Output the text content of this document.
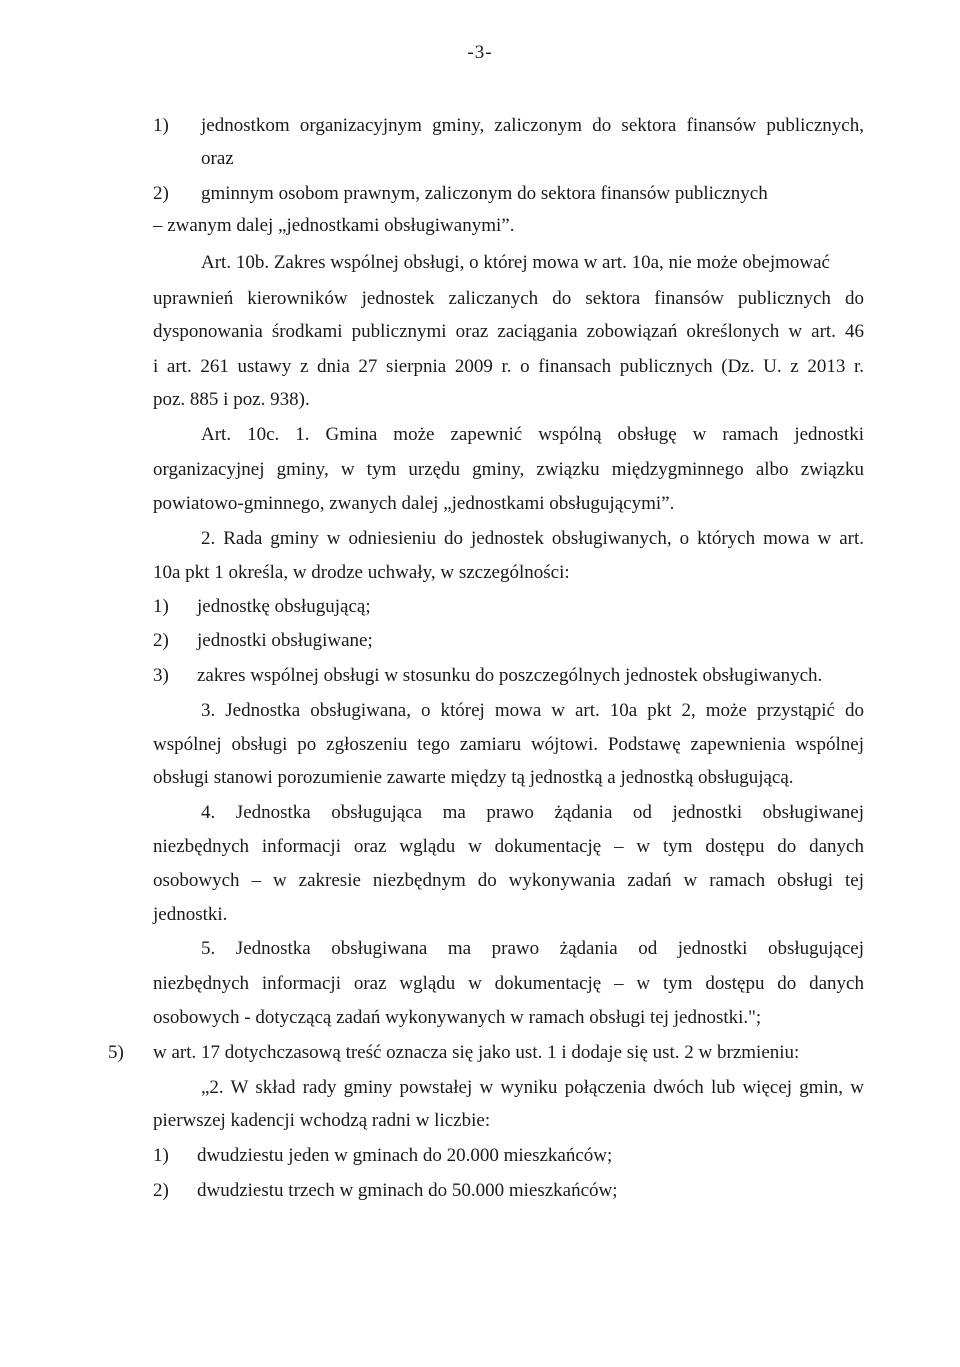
-3-
1) jednostkom organizacyjnym gminy, zaliczonym do sektora finansów publicznych,
oraz
2) gminnym osobom prawnym, zaliczonym do sektora finansów publicznych
– zwanym dalej „jednostkami obsługiwanymi”.
Art. 10b. Zakres wspólnej obsługi, o której mowa w art. 10a, nie może obejmować
uprawnień kierowników jednostek zaliczanych do sektora finansów publicznych do
dysponowania środkami publicznymi oraz zaciągania zobowiązań określonych w art. 46
i art. 261 ustawy z dnia 27 sierpnia 2009 r. o finansach publicznych (Dz. U. z 2013 r.
poz. 885 i poz. 938).
Art. 10c. 1. Gmina może zapewnić wspólną obsługę w ramach jednostki
organizacyjnej gminy, w tym urzędu gminy, związku międzygminnego albo związku
powiatowo-gminnego, zwanych dalej „jednostkami obsługującymi”.
2. Rada gminy w odniesieniu do jednostek obsługiwanych, o których mowa w art.
10a pkt 1 określa, w drodze uchwały, w szczególności:
1) jednostkę obsługującą;
2) jednostki obsługiwane;
3) zakres wspólnej obsługi w stosunku do poszczególnych jednostek obsługiwanych.
3. Jednostka obsługiwana, o której mowa w art. 10a pkt 2, może przystąpić do
wspólnej obsługi po zgłoszeniu tego zamiaru wójtowi. Podstawę zapewnienia wspólnej
obsługi stanowi porozumienie zawarte między tą jednostką a jednostką obsługującą.
4. Jednostka obsługująca ma prawo żądania od jednostki obsługiwanej
niezbędnych informacji oraz wglądu w dokumentację – w tym dostępu do danych
osobowych – w zakresie niezbędnym do wykonywania zadań w ramach obsługi tej
jednostki.
5. Jednostka obsługiwana ma prawo żądania od jednostki obsługującej
niezbędnych informacji oraz wglądu w dokumentację – w tym dostępu do danych
osobowych - dotyczącą zadań wykonywanych w ramach obsługi tej jednostki.";
5) w art. 17 dotychczasową treść oznacza się jako ust. 1 i dodaje się ust. 2 w brzmieniu:
„2. W skład rady gminy powstałej w wyniku połączenia dwóch lub więcej gmin, w
pierwszej kadencji wchodzą radni w liczbie:
1) dwudziestu jeden w gminach do 20.000 mieszkańców;
2) dwudziestu trzech w gminach do 50.000 mieszkańców;
